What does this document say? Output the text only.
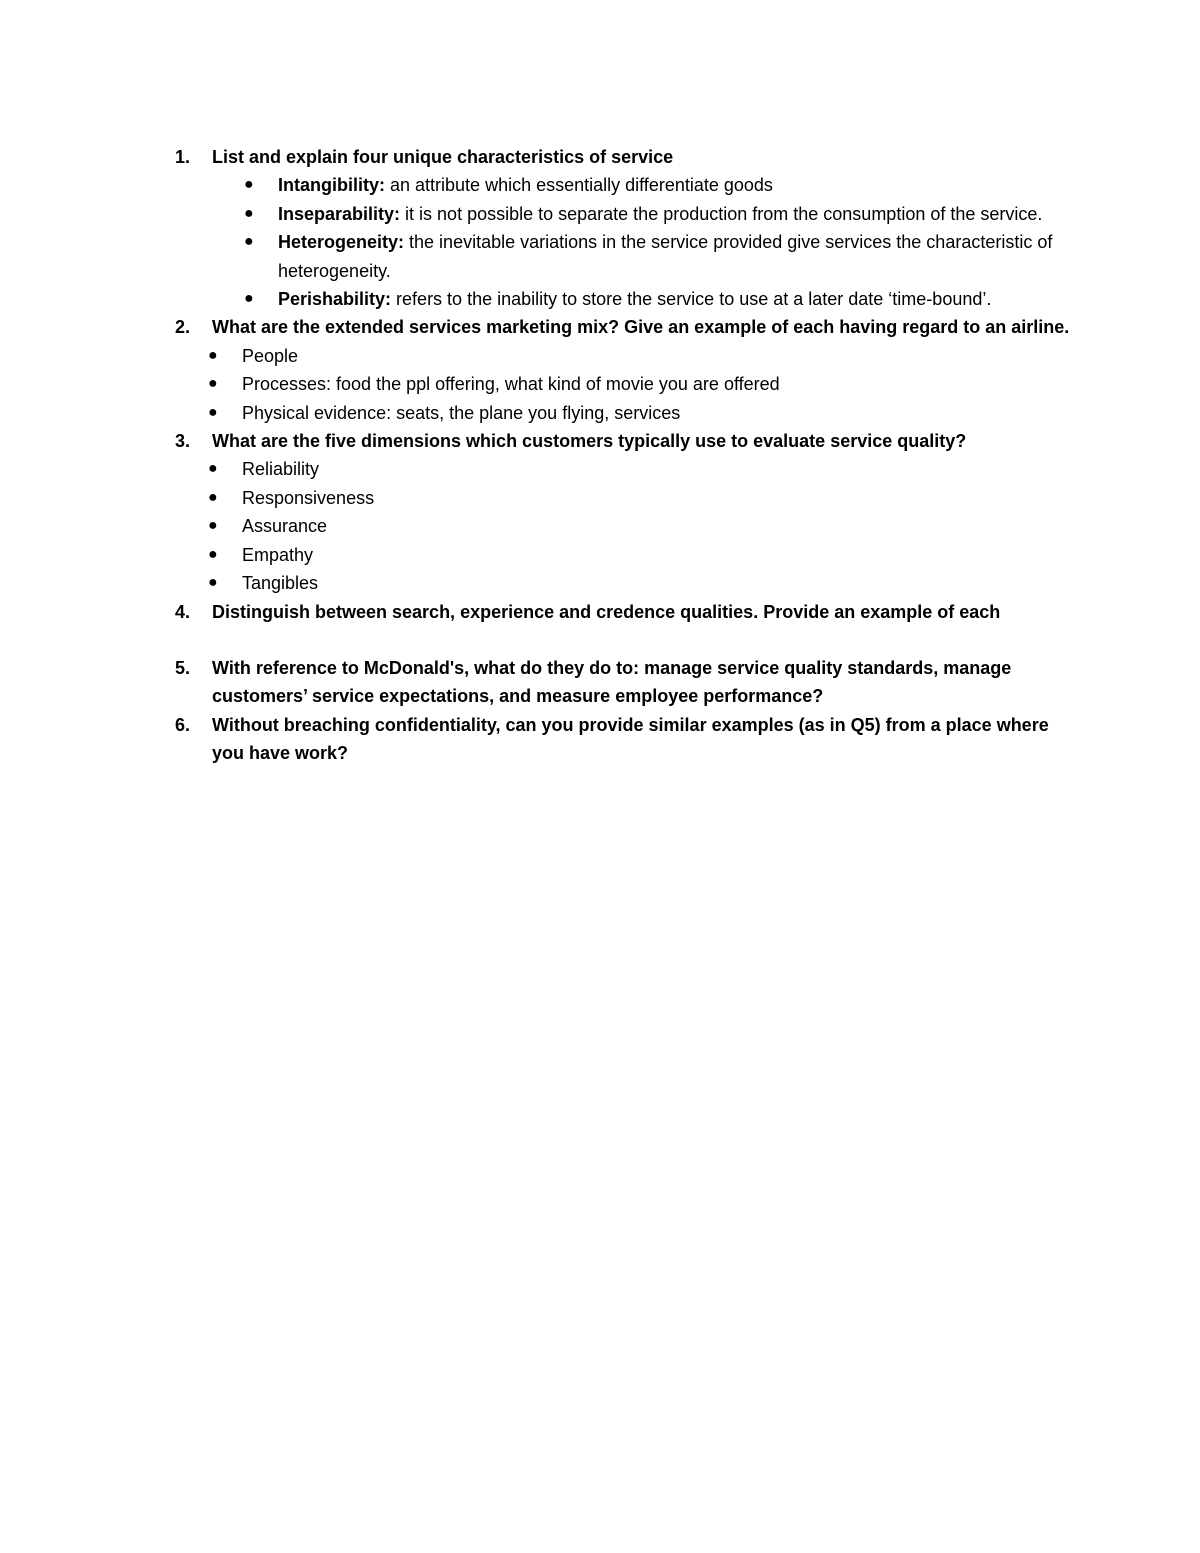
1. List and explain four unique characteristics of service
● Intangibility: an attribute which essentially differentiate goods
● Inseparability: it is not possible to separate the production from the consumption of the service.
● Heterogeneity: the inevitable variations in the service provided give services the characteristic of heterogeneity.
● Perishability: refers to the inability to store the service to use at a later date ‘time-bound’.
2. What are the extended services marketing mix? Give an example of each having regard to an airline.
● People
● Processes: food the ppl offering, what kind of movie you are offered
● Physical evidence: seats, the plane you flying, services
3. What are the five dimensions which customers typically use to evaluate service quality?
● Reliability
● Responsiveness
● Assurance
● Empathy
● Tangibles
4. Distinguish between search, experience and credence qualities. Provide an example of each
5. With reference to McDonald's, what do they do to: manage service quality standards, manage customers’ service expectations, and measure employee performance?
6. Without breaching confidentiality, can you provide similar examples (as in Q5) from a place where you have work?
